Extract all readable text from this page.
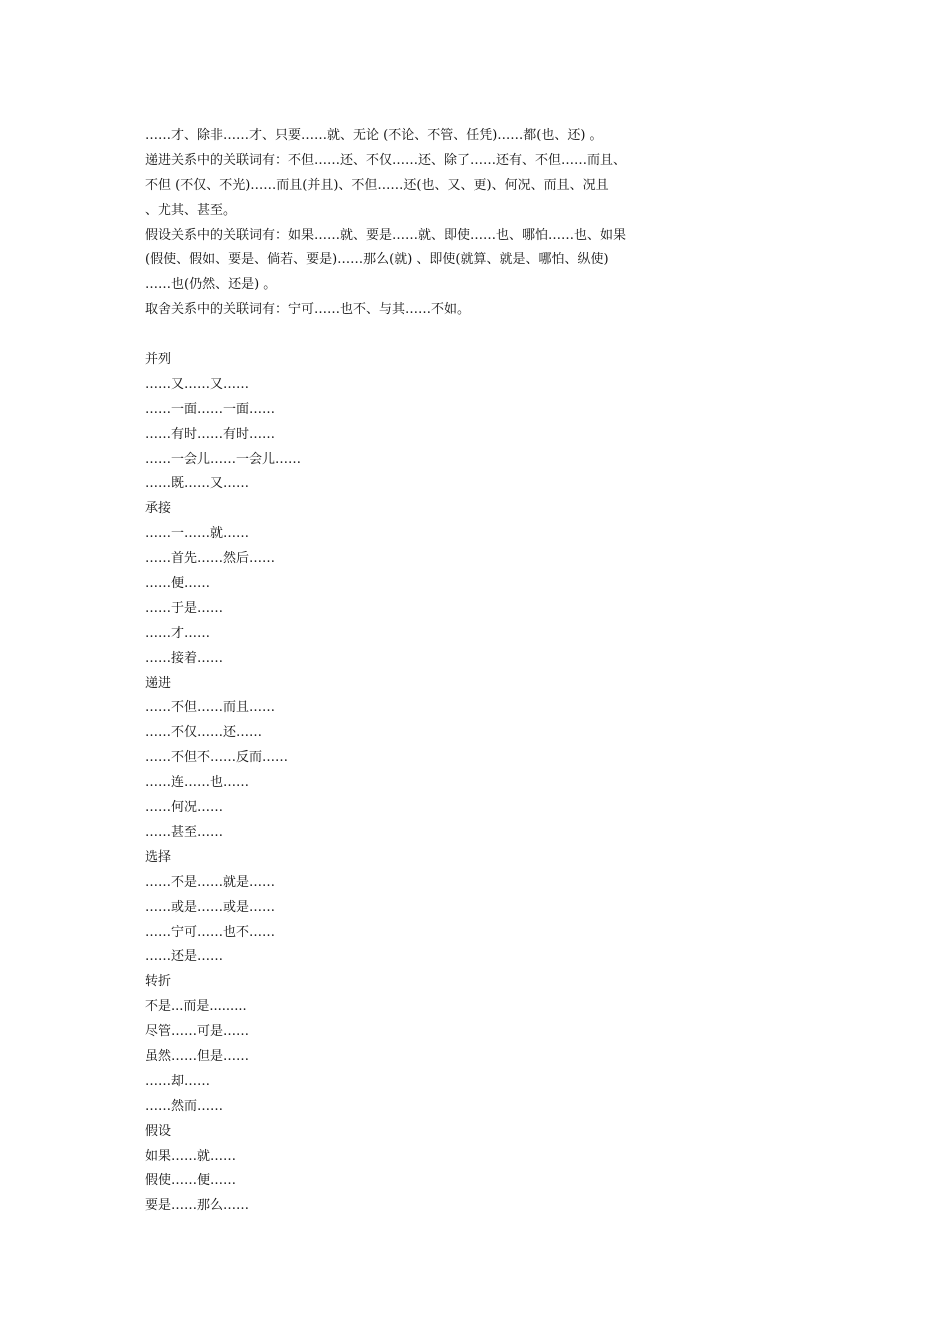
……才、除非……才、只要……就、无论 (不论、不管、任凭)……都(也、还) 。
递进关系中的关联词有：不但……还、不仅……还、除了……还有、不但……而且、
不但 (不仅、不光)……而且(并且)、不但……还(也、又、更)、何况、而且、况且
、尤其、甚至。
假设关系中的关联词有：如果……就、要是……就、即使……也、哪怕……也、如果
(假使、假如、要是、倘若、要是)……那么(就) 、即使(就算、就是、哪怕、纵使)
……也(仍然、还是) 。
取舍关系中的关联词有：宁可……也不、与其……不如。
并列
……又……又……
……一面……一面……
……有时……有时……
……一会儿……一会儿……
……既……又……
承接
……一……就……
……首先……然后……
……便……
……于是……
……才……
……接着……
递进
……不但……而且……
……不仅……还……
……不但不……反而……
……连……也……
……何况……
……甚至……
选择
……不是……就是……
……或是……或是……
……宁可……也不……
……还是……
转折
不是...而是.........
尽管……可是……
虽然……但是……
……却……
……然而……
假设
如果……就……
假使……便……
要是……那么……
